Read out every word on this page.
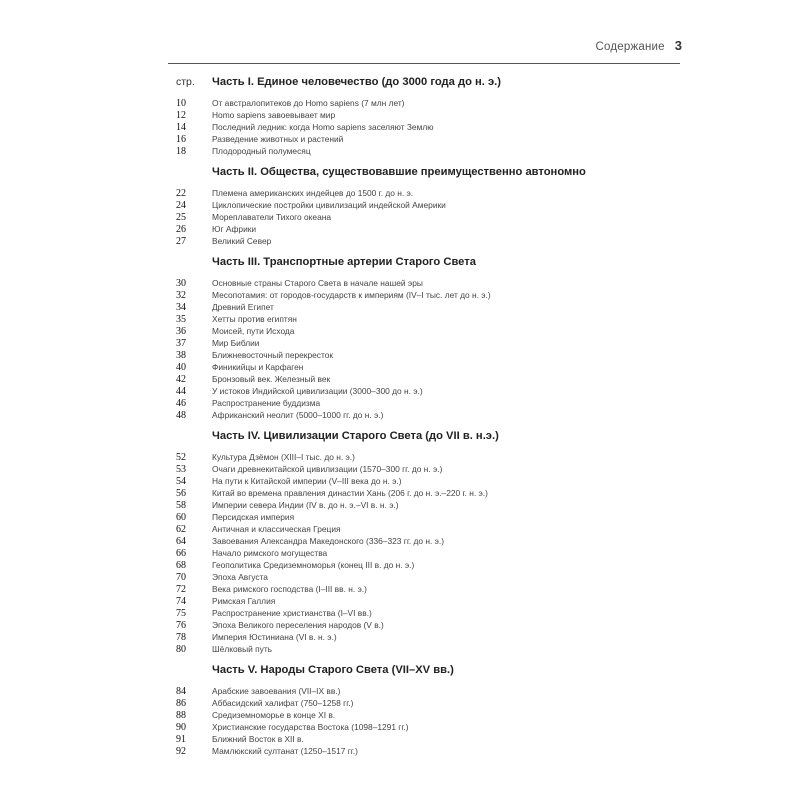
Содержание 3
стр.	Часть I. Единое человечество (до 3000 года до н. э.)
10	От австралопитеков до Homo sapiens (7 млн лет)
12	Homo sapiens завоевывает мир
14	Последний ледник: когда Homo sapiens заселяют Землю
16	Разведение животных и растений
18	Плодородный полумесяц
Часть II. Общества, существовавшие преимущественно автономно
22	Племена американских индейцев до 1500 г. до н. э.
24	Циклопические постройки цивилизаций индейской Америки
25	Мореплаватели Тихого океана
26	Юг Африки
27	Великий Север
Часть III. Транспортные артерии Старого Света
30	Основные страны Старого Света в начале нашей эры
32	Месопотамия: от городов-государств к империям (IV–I тыс. лет до н. э.)
34	Древний Египет
35	Хетты против египтян
36	Моисей, пути Исхода
37	Мир Библии
38	Ближневосточный перекресток
40	Финикийцы и Карфаген
42	Бронзовый век. Железный век
44	У истоков Индийской цивилизации (3000–300 до н. э.)
46	Распространение буддизма
48	Африканский неолит (5000–1000 гг. до н. э.)
Часть IV. Цивилизации Старого Света (до VII в. н.э.)
52	Культура Дзёмон (XIII–I тыс. до н. э.)
53	Очаги древнекитайской цивилизации (1570–300 гг. до н. э.)
54	На пути к Китайской империи (V–III века до н. э.)
56	Китай во времена правления династии Хань (206 г. до н. э.–220 г. н. э.)
58	Империи севера Индии (IV в. до н. э.–VI в. н. э.)
60	Персидская империя
62	Античная и классическая Греция
64	Завоевания Александра Македонского (336–323 гг. до н. э.)
66	Начало римского могущества
68	Геополитика Средиземноморья (конец III в. до н. э.)
70	Эпоха Августа
72	Века римского господства (I–III вв. н. э.)
74	Римская Галлия
75	Распространение христианства (I–VI вв.)
76	Эпоха Великого переселения народов (V в.)
78	Империя Юстиниана (VI в. н. э.)
80	Шёлковый путь
Часть V. Народы Старого Света (VII–XV вв.)
84	Арабские завоевания (VII–IX вв.)
86	Аббасидский халифат (750–1258 гг.)
88	Средиземноморье в конце XI в.
90	Христианские государства Востока (1098–1291 гг.)
91	Ближний Восток в XII в.
92	Мамлюкский султанат (1250–1517 гг.)
